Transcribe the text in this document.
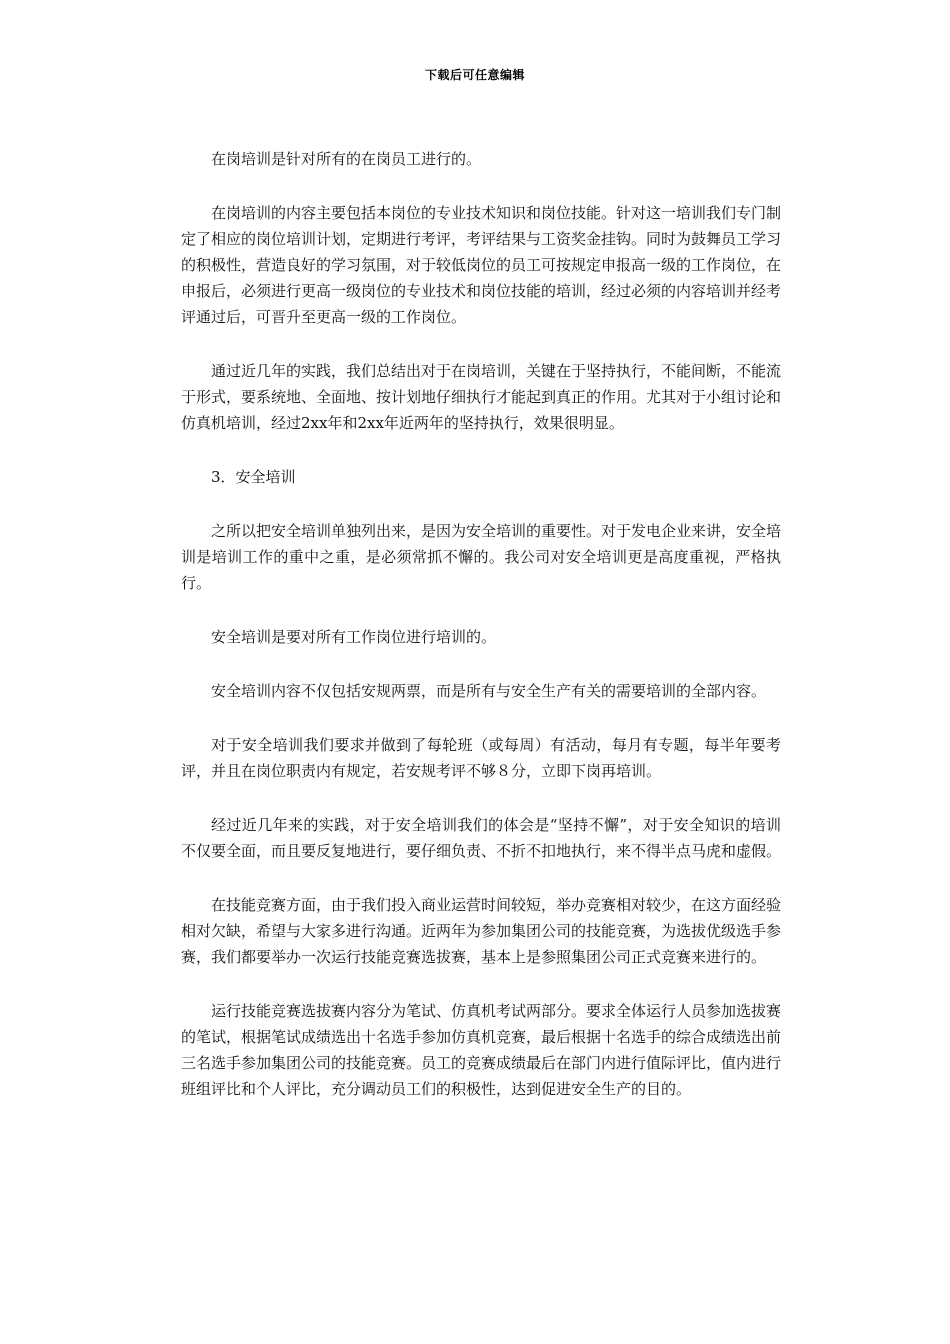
下载后可任意编辑

在岗培训是针对所有的在岗员工进行的。

在岗培训的内容主要包括本岗位的专业技术知识和岗位技能。针对这一培训我们专门制定了相应的岗位培训计划，定期进行考评，考评结果与工资奖金挂钩。同时为鼓舞员工学习的积极性，营造良好的学习氛围，对于较低岗位的员工可按规定申报高一级的工作岗位，在申报后，必须进行更高一级岗位的专业技术和岗位技能的培训，经过必须的内容培训并经考评通过后，可晋升至更高一级的工作岗位。

通过近几年的实践，我们总结出对于在岗培训，关键在于坚持执行，不能间断，不能流于形式，要系统地、全面地、按计划地仔细执行才能起到真正的作用。尤其对于小组讨论和仿真机培训，经过2xx年和2xx年近两年的坚持执行，效果很明显。

3．安全培训

之所以把安全培训单独列出来，是因为安全培训的重要性。对于发电企业来讲，安全培训是培训工作的重中之重，是必须常抓不懈的。我公司对安全培训更是高度重视，严格执行。

安全培训是要对所有工作岗位进行培训的。

安全培训内容不仅包括安规两票，而是所有与安全生产有关的需要培训的全部内容。

对于安全培训我们要求并做到了每轮班（或每周）有活动，每月有专题，每半年要考评，并且在岗位职责内有规定，若安规考评不够８分，立即下岗再培训。

经过近几年来的实践，对于安全培训我们的体会是“坚持不懈”，对于安全知识的培训不仅要全面，而且要反复地进行，要仔细负责、不折不扣地执行，来不得半点马虎和虚假。

在技能竞赛方面，由于我们投入商业运营时间较短，举办竞赛相对较少，在这方面经验相对欠缺，希望与大家多进行沟通。近两年为参加集团公司的技能竞赛，为选拔优级选手参赛，我们都要举办一次运行技能竞赛选拔赛，基本上是参照集团公司正式竞赛来进行的。

运行技能竞赛选拔赛内容分为笔试、仿真机考试两部分。要求全体运行人员参加选拔赛的笔试，根据笔试成绩选出十名选手参加仿真机竞赛，最后根据十名选手的综合成绩选出前三名选手参加集团公司的技能竞赛。员工的竞赛成绩最后在部门内进行值际评比，值内进行班组评比和个人评比，充分调动员工们的积极性，达到促进安全生产的目的。
